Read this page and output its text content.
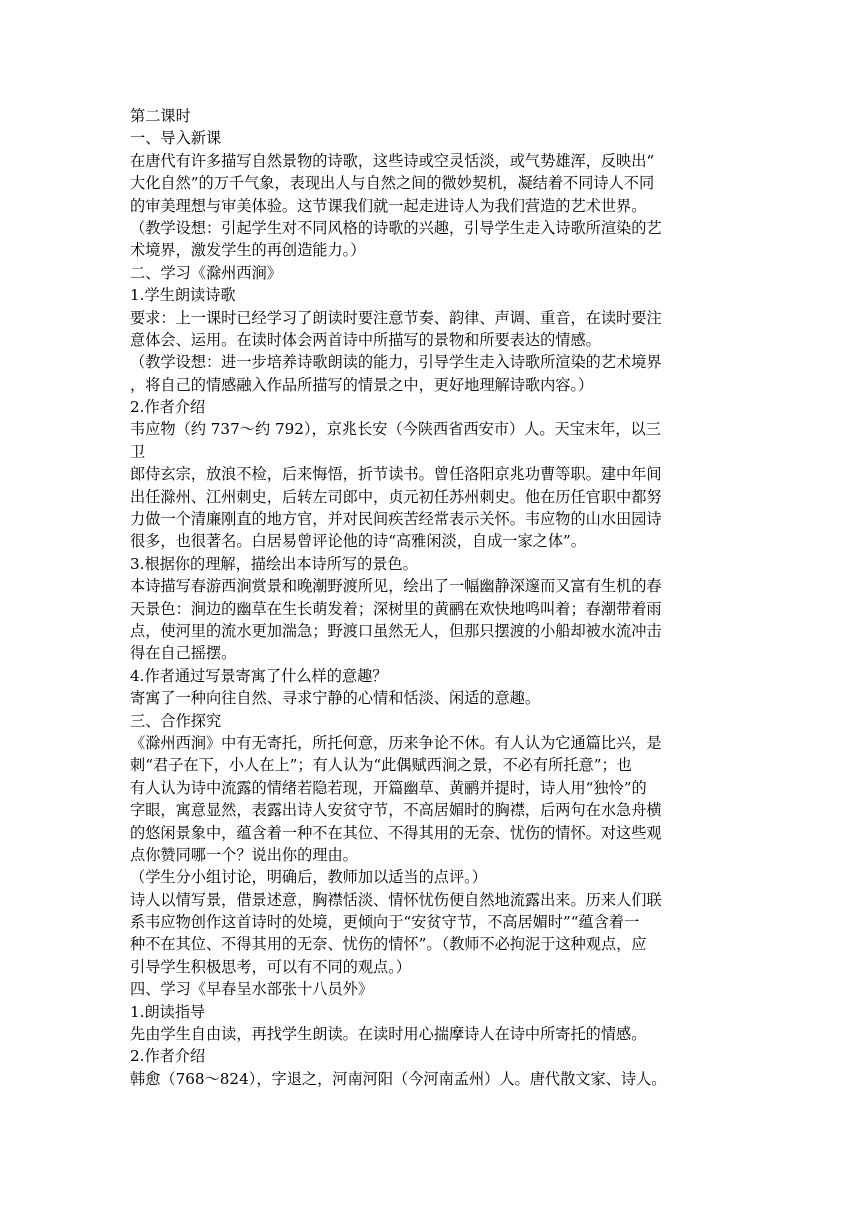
第二课时
一、导入新课
在唐代有许多描写自然景物的诗歌，这些诗或空灵恬淡，或气势雄浑，反映出“
大化自然”的万千气象，表现出人与自然之间的微妙契机，凝结着不同诗人不同
的审美理想与审美体验。这节课我们就一起走进诗人为我们营造的艺术世界。
（教学设想：引起学生对不同风格的诗歌的兴趣，引导学生走入诗歌所渲染的艺
术境界，激发学生的再创造能力。）
二、学习《滁州西涧》
1.学生朗读诗歌
要求：上一课时已经学习了朗读时要注意节奏、韵律、声调、重音，在读时要注
意体会、运用。在读时体会两首诗中所描写的景物和所要表达的情感。
（教学设想：进一步培养诗歌朗读的能力，引导学生走入诗歌所渲染的艺术境界
，将自己的情感融入作品所描写的情景之中，更好地理解诗歌内容。）
2.作者介绍
韦应物（约 737～约 792），京兆长安（今陕西省西安市）人。天宝末年，以三
卫
郎侍玄宗，放浪不检，后来悔悟，折节读书。曾任洛阳京兆功曹等职。建中年间
出任滁州、江州刺史，后转左司郎中，贞元初任苏州刺史。他在历任官职中都努
力做一个清廉刚直的地方官，并对民间疾苦经常表示关怀。韦应物的山水田园诗
很多，也很著名。白居易曾评论他的诗“高雅闲淡，自成一家之体”。
3.根据你的理解，描绘出本诗所写的景色。
本诗描写春游西涧赏景和晚潮野渡所见，绘出了一幅幽静深邃而又富有生机的春
天景色：涧边的幽草在生长萌发着；深树里的黄鹂在欢快地鸣叫着；春潮带着雨
点，使河里的流水更加湍急；野渡口虽然无人，但那只摆渡的小船却被水流冲击
得在自己摇摆。
4.作者通过写景寄寓了什么样的意趣？
寄寓了一种向往自然、寻求宁静的心情和恬淡、闲适的意趣。
三、合作探究
《滁州西涧》中有无寄托，所托何意，历来争论不休。有人认为它通篇比兴，是
刺“君子在下，小人在上”；有人认为“此偶赋西涧之景，不必有所托意”；也
有人认为诗中流露的情绪若隐若现，开篇幽草、黄鹂并提时，诗人用“独怜”的
字眼，寓意显然，表露出诗人安贫守节，不高居媚时的胸襟，后两句在水急舟横
的悠闲景象中，蕴含着一种不在其位、不得其用的无奈、忧伤的情怀。对这些观
点你赞同哪一个？说出你的理由。
（学生分小组讨论，明确后，教师加以适当的点评。）
诗人以情写景，借景述意，胸襟恬淡、情怀忧伤便自然地流露出来。历来人们联
系韦应物创作这首诗时的处境，更倾向于“安贫守节，不高居媚时”“蕴含着一
种不在其位、不得其用的无奈、忧伤的情怀”。（教师不必拘泥于这种观点，应
引导学生积极思考，可以有不同的观点。）
四、学习《早春呈水部张十八员外》
1.朗读指导
先由学生自由读，再找学生朗读。在读时用心揣摩诗人在诗中所寄托的情感。
2.作者介绍
韩愈（768～824），字退之，河南河阳（今河南孟州）人。唐代散文家、诗人。
